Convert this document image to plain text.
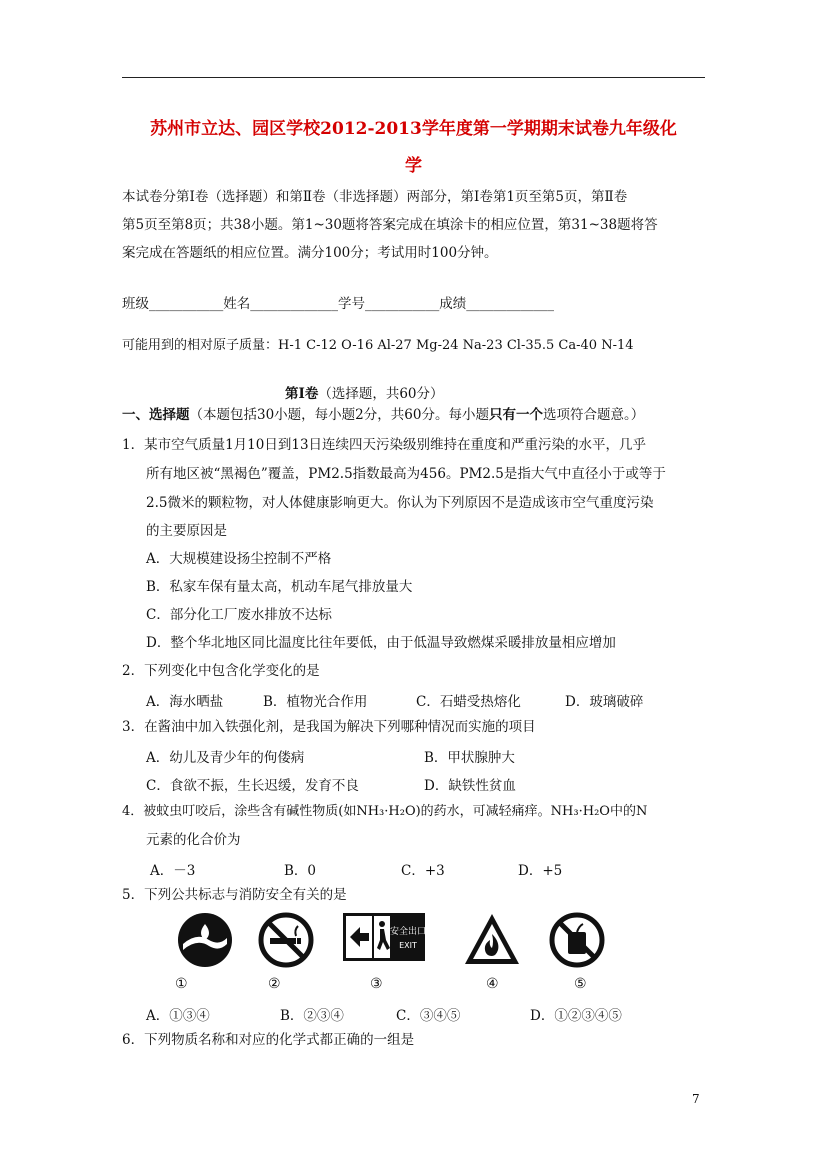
苏州市立达、园区学校2012-2013学年度第一学期期末试卷九年级化
学
本试卷分第Ⅰ卷（选择题）和第Ⅱ卷（非选择题）两部分，第Ⅰ卷第1页至第5页，第Ⅱ卷
第5页至第8页；共38小题。第1~30题将答案完成在填涂卡的相应位置，第31~38题将答
案完成在答题纸的相应位置。满分100分；考试用时100分钟。
班级___________姓名_____________学号___________成绩_____________
可能用到的相对原子质量：H-1 C-12 O-16 Al-27 Mg-24 Na-23 Cl-35.5 Ca-40 N-14
第Ⅰ卷（选择题，共60分）
一、选择题（本题包括30小题，每小题2分，共60分。每小题只有一个选项符合题意。）
1．某市空气质量1月10日到13日连续四天污染级别维持在重度和严重污染的水平，几乎
所有地区被“黑褐色”覆盖，PM2.5指数最高为456。PM2.5是指大气中直径小于或等于
2.5微米的颗粒物，对人体健康影响更大。你认为下列原因不是造成该市空气重度污染
的主要原因是
A．大规模建设扬尘控制不严格
B．私家车保有量太高，机动车尾气排放量大
C．部分化工厂废水排放不达标
D．整个华北地区同比温度比往年要低，由于低温导致燃煤采暖排放量相应增加
2．下列变化中包含化学变化的是
A．海水晒盐	B．植物光合作用	C．石蜡受热熔化	D．玻璃破碎
3．在酱油中加入铁强化剂，是我国为解决下列哪种情况而实施的项目
A．幼儿及青少年的佝偻病	B．甲状腺肿大
C．食欲不振，生长迟缓，发育不良	D．缺铁性贫血
4．被蚊虫叮咬后，涂些含有碱性物质(如NH₃·H₂O)的药水，可减轻痛痒。NH₃·H₂O中的N
元素的化合价为
A．－3	B．0	C．+3	D．+5
5．下列公共标志与消防安全有关的是
安全出口
EXIT
①	②	③	④	⑤
A．①③④	B．②③④	C．③④⑤	D．①②③④⑤
6．下列物质名称和对应的化学式都正确的一组是
7
